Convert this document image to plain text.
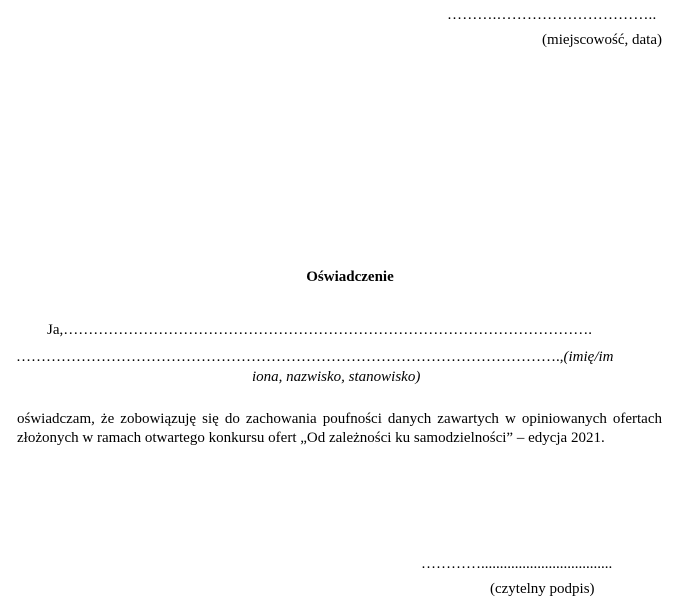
……….…………………………..
(miejscowość, data)
Oświadczenie
Ja,…………………………………………………………………………………………….
……………………………………………………………………………………………….,(imię/im
iona, nazwisko, stanowisko)
oświadczam, że zobowiązuję się do zachowania poufności danych zawartych w opiniowanych ofertach złożonych w ramach otwartego konkursu ofert „Od zależności ku samodzielności” – edycja 2021.
…………...................................
(czytelny podpis)
